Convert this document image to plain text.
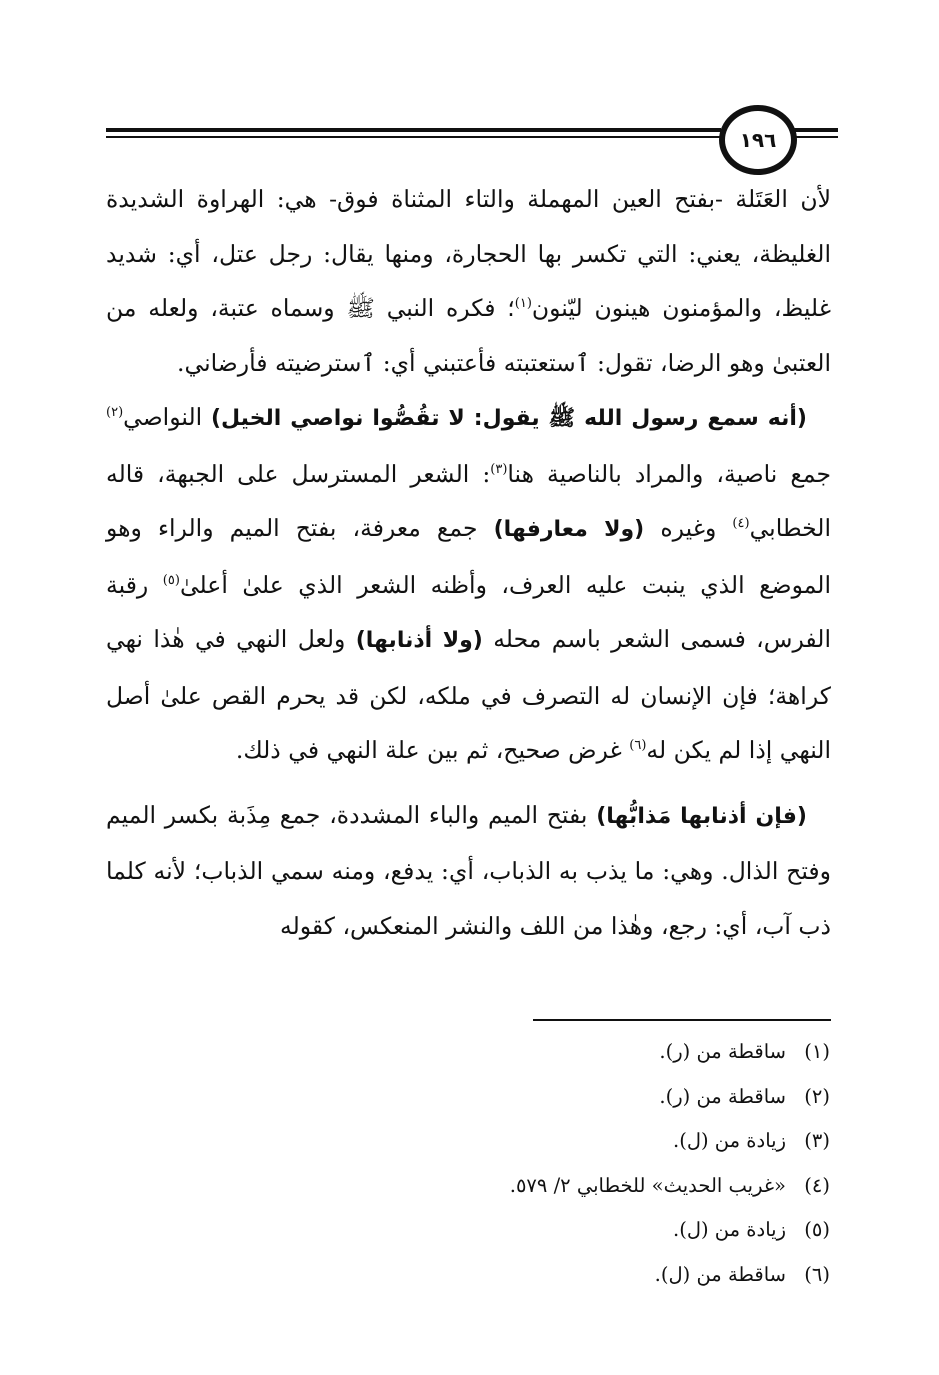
١٩٦

لأن العَتَلة -بفتح العين المهملة والتاء المثناة فوق- هي: الهراوة الشديدة الغليظة، يعني: التي تكسر بها الحجارة، ومنها يقال: رجل عتل، أي: شديد غليظ، والمؤمنون هينون ليّنون$^{(١)}$؛ فكره النبي ﷺ وسماه عتبة، ولعله من العتبىٰ وهو الرضا، تقول: ٱستعتبته فأعتبني أي: ٱسترضيته فأرضاني.

(أنه سمع رسول الله ﷺ يقول: لا تقُصُّوا نواصي الخيل) النواصي$^{(٢)}$ جمع ناصية، والمراد بالناصية هنا$^{(٣)}$: الشعر المسترسل على الجبهة، قاله الخطابي$^{(٤)}$ وغيره (ولا معارفها) جمع معرفة، بفتح الميم والراء وهو الموضع الذي ينبت عليه العرف، وأظنه الشعر الذي علىٰ أعلىٰ$^{(٥)}$ رقبة الفرس، فسمى الشعر باسم محله (ولا أذنابها) ولعل النهي في هٰذا نهي كراهة؛ فإن الإنسان له التصرف في ملكه، لكن قد يحرم القص علىٰ أصل النهي إذا لم يكن له$^{(٦)}$ غرض صحيح، ثم بين علة النهي في ذلك.

(فإن أذنابها مَذابُّها) بفتح الميم والباء المشددة، جمع مِذَبة بكسر الميم وفتح الذال. وهي: ما يذب به الذباب، أي: يدفع، ومنه سمي الذباب؛ لأنه كلما ذب آب، أي: رجع، وهٰذا من اللف والنشر المنعكس، كقوله

(١)ساقطة من (ر).
(٢)ساقطة من (ر).
(٣)زيادة من (ل).
(٤)«غريب الحديث» للخطابي ٢/ ٥٧٩.
(٥)زيادة من (ل).
(٦)ساقطة من (ل).
